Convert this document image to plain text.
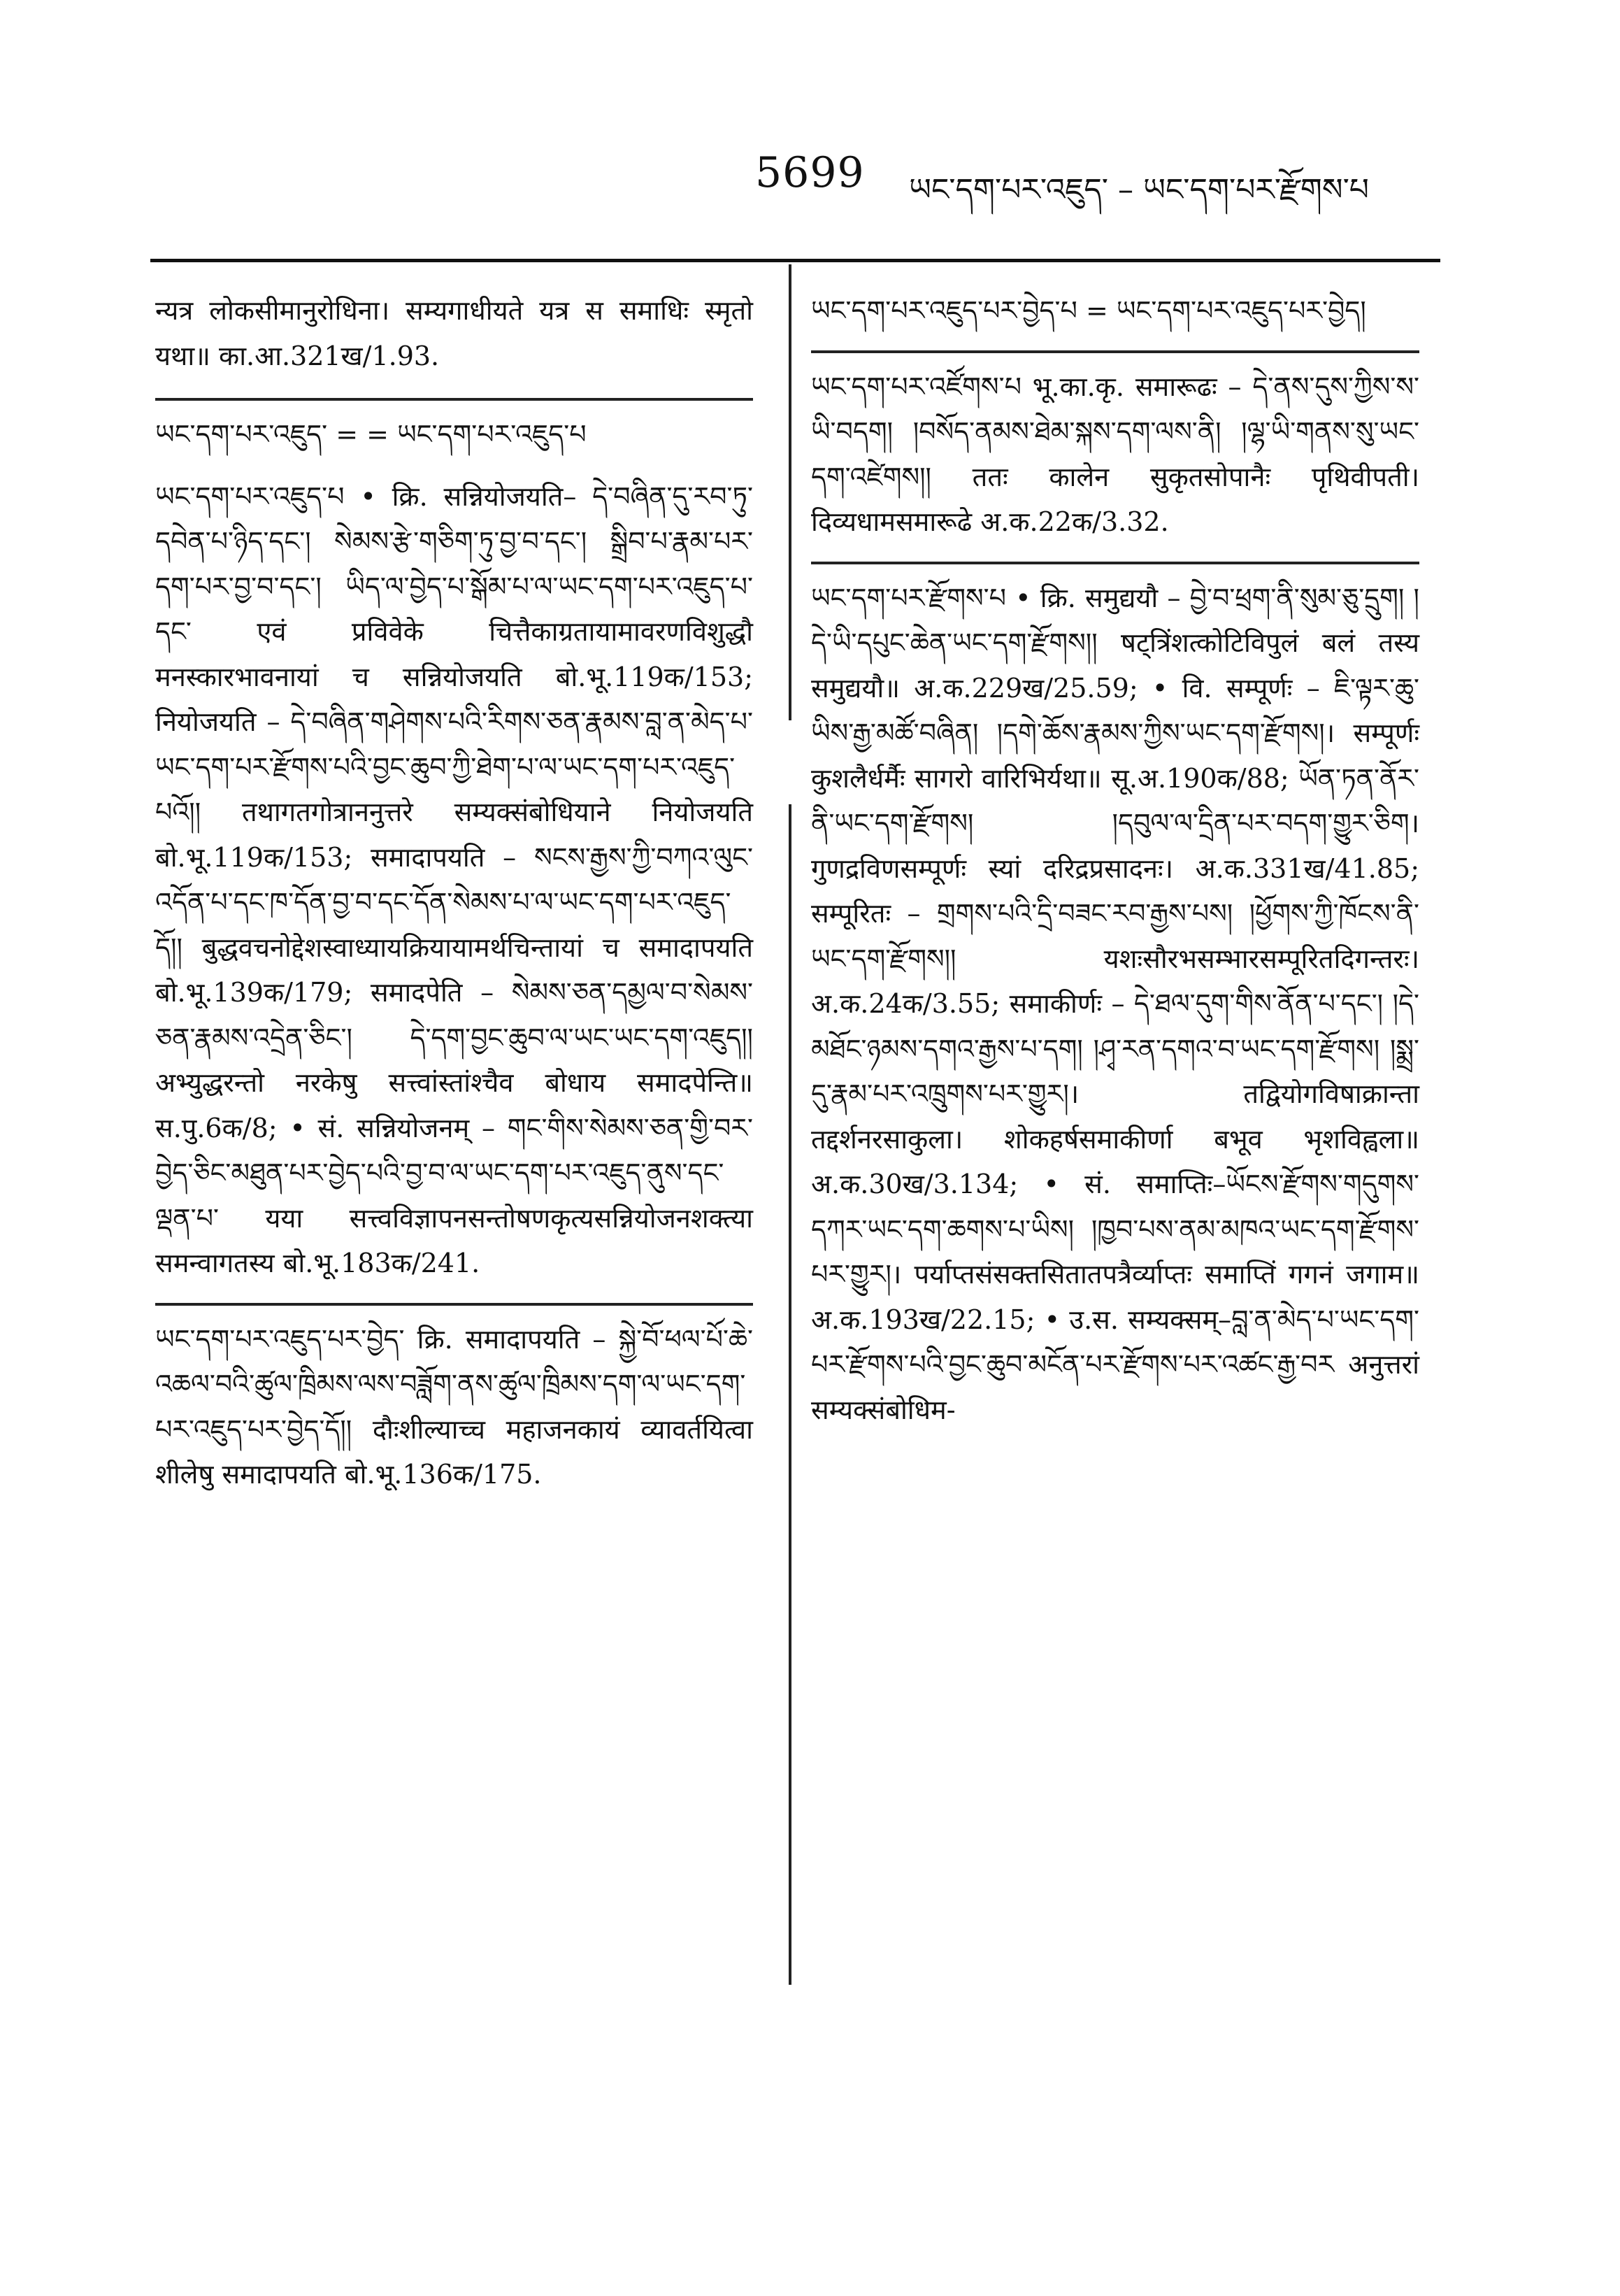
5699 ཡང་དག་པར་འཇུད་ – ཡང་དག་པར་རྫོགས་པ

न्यत्र लोकसीमानुरोधिना। सम्यगाधीयते यत्र स समाधिः स्मृतो यथा॥ का.आ.321ख/1.93.

ཡང་དག་པར་འཇུད་ = = ཡང་དག་པར་འཇུད་པ

ཡང་དག་པར་འཇུད་པ • क्रि. सन्नियोजयति– དེ་བཞིན་དུ་རབ་ཏུ་དབེན་པ་ཉིད་དང་། སེམས་རྩེ་གཅིག་ཏུ་བྱ་བ་དང་། སྒྲིབ་པ་རྣམ་པར་དག་པར་བྱ་བ་དང་། ཡིད་ལ་བྱེད་པ་སྒོམ་པ་ལ་ཡང་དག་པར་འཇུད་པ་དང་ एवं प्रविवेके चित्तैकाग्रतायामावरणविशुद्धौ मनस्कारभावनायां च सन्नियोजयति बो.भू.119क/153; नियोजयति – དེ་བཞིན་གཤེགས་པའི་རིགས་ཅན་རྣམས་བླ་ན་མེད་པ་ཡང་དག་པར་རྫོགས་པའི་བྱང་ཆུབ་ཀྱི་ཐེག་པ་ལ་ཡང་དག་པར་འཇུད་པའོ།། तथागतगोत्राननुत्तरे सम्यक्संबोधियाने नियोजयति बो.भू.119क/153; समादापयति – སངས་རྒྱས་ཀྱི་བཀའ་ལུང་འདོན་པ་དང་ཁ་དོན་བྱ་བ་དང་དོན་སེམས་པ་ལ་ཡང་དག་པར་འཇུད་དོ།། बुद्धवचनोद्देशस्वाध्यायक्रियायामर्थचिन्तायां च समादापयति बो.भू.139क/179; समादपेति – སེམས་ཅན་དམྱལ་བ་སེམས་ཅན་རྣམས་འདྲེན་ཅིང་། དེ་དག་བྱང་ཆུབ་ལ་ཡང་ཡང་དག་འཇུད།། अभ्युद्धरन्तो नरकेषु सत्त्वांस्तांश्चैव बोधाय समादपेन्ति॥ स.पु.6क/8; • सं. सन्नियोजनम् – གང་གིས་སེམས་ཅན་གྱི་བར་བྱེད་ཅིང་མཐུན་པར་བྱེད་པའི་བྱ་བ་ལ་ཡང་དག་པར་འཇུད་ནུས་དང་ལྡན་པ་ यया सत्त्वविज्ञापनसन्तोषणकृत्यसन्नियोजनशक्त्या समन्वागतस्य बो.भू.183क/241.

ཡང་དག་པར་འཇུད་པར་བྱེད་ क्रि. समादापयति – སྐྱེ་བོ་ཕལ་པོ་ཆེ་འཆལ་བའི་ཚུལ་ཁྲིམས་ལས་བཟློག་ནས་ཚུལ་ཁྲིམས་དག་ལ་ཡང་དག་པར་འཇུད་པར་བྱེད་དོ།། दौःशील्याच्च महाजनकायं व्यावर्तयित्वा शीलेषु समादापयति बो.भू.136क/175.

ཡང་དག་པར་འཇུད་པར་བྱེད་པ = ཡང་དག་པར་འཇུད་པར་བྱེད།

ཡང་དག་པར་འཛོགས་པ भू.का.कृ. समारूढः – དེ་ནས་དུས་ཀྱིས་ས་ཡི་བདག། །བསོད་ནམས་ཐེམ་སྐས་དག་ལས་ནི། །ལྷ་ཡི་གནས་སུ་ཡང་དག་འཛེགས།། ततः कालेन सुकृतसोपानैः पृथिवीपती। दिव्यधामसमारूढे अ.क.22क/3.32.

ཡང་དག་པར་རྫོགས་པ • क्रि. समुद्ययौ – བྱེ་བ་ཕྲག་ནི་སུམ་ཅུ་དྲུག། །དེ་ཡི་དཔུང་ཆེན་ཡང་དག་རྫོགས།། षट्त्रिंशत्कोटिविपुलं बलं तस्य समुद्ययौ॥ अ.क.229ख/25.59; • वि. सम्पूर्णः – ཇི་ལྟར་ཆུ་ཡིས་རྒྱ་མཚོ་བཞིན། །དགེ་ཆོས་རྣམས་ཀྱིས་ཡང་དག་རྫོགས།। सम्पूर्णः कुशलैर्धर्मैः सागरो वारिभिर्यथा॥ सू.अ.190क/88; ཡོན་ཏན་ནོར་ནི་ཡང་དག་རྫོགས། །དབུལ་ལ་དྲིན་པར་བདག་གྱུར་ཅིག। गुणद्रविणसम्पूर्णः स्यां दरिद्रप्रसादनः। अ.क.331ख/41.85; सम्पूरितः – གྲགས་པའི་དྲི་བཟང་རབ་རྒྱས་པས། །ཕྱོགས་ཀྱི་ཁོངས་ནི་ཡང་དག་རྫོགས།། यशःसौरभसम्भारसम्पूरितदिगन्तरः। अ.क.24क/3.55; समाकीर्णः – དེ་ཐལ་དུག་གིས་ནོན་པ་དང་། །དེ་མཐོང་ཉམས་དགའ་རྒྱས་པ་དག། །ཤྭ་རན་དགའ་བ་ཡང་དག་རྫོགས། །སྨྲ་དུ་རྣམ་པར་འཁྲུགས་པར་གྱུར།। तद्वियोगविषाक्रान्ता तद्दर्शनरसाकुला। शोकहर्षसमाकीर्णा बभूव भृशविह्वला॥ अ.क.30ख/3.134; • सं. समाप्तिः–ཡོངས་རྫོགས་གདུགས་དཀར་ཡང་དག་ཆགས་པ་ཡིས། །ཁྱབ་པས་ནམ་མཁའ་ཡང་དག་རྫོགས་པར་གྱུར།। पर्याप्तसंसक्तसितातपत्रैर्व्याप्तः समाप्तिं गगनं जगाम॥ अ.क.193ख/22.15; • उ.स. सम्यक्सम्–བླ་ན་མེད་པ་ཡང་དག་པར་རྫོགས་པའི་བྱང་ཆུབ་མངོན་པར་རྫོགས་པར་འཚང་རྒྱ་བར अनुत्तरां सम्यक्संबोधिम-
